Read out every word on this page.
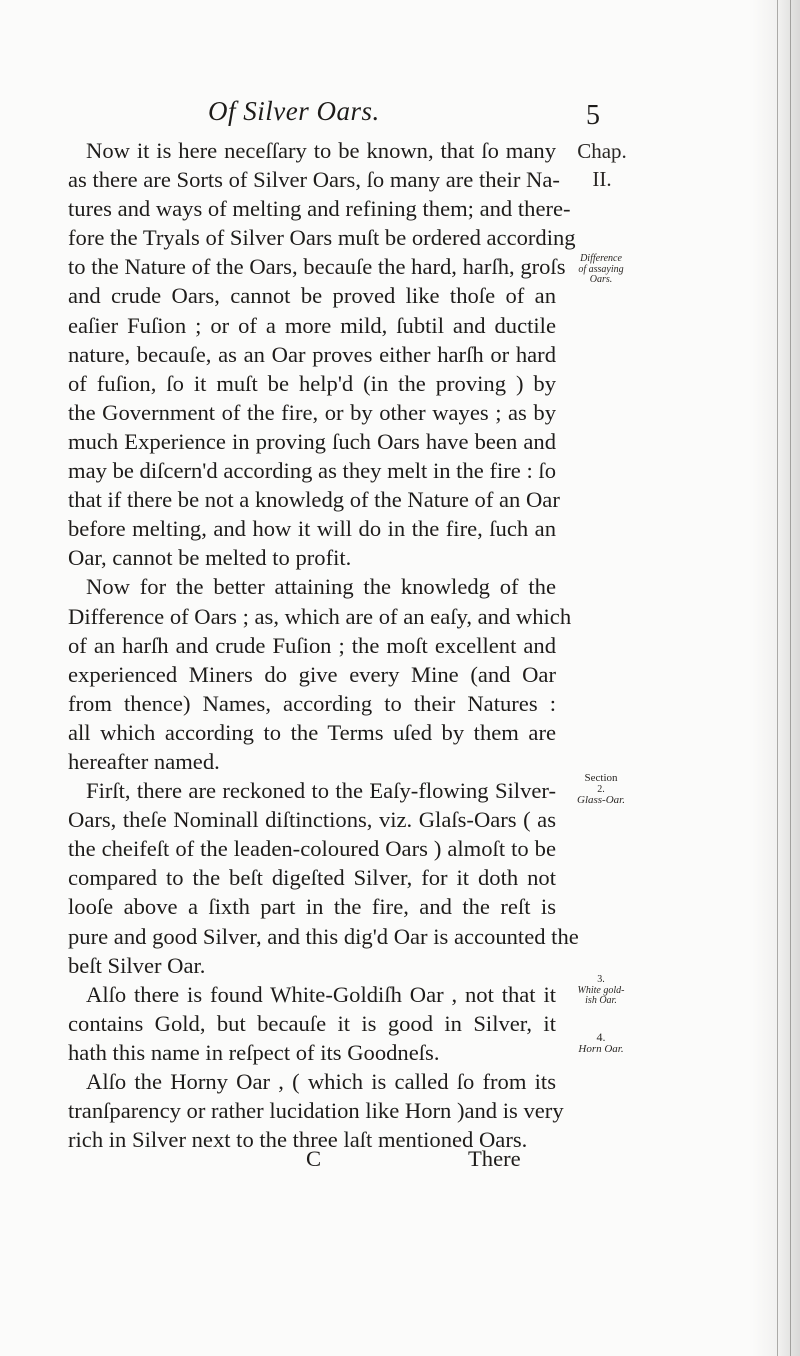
Of Silver Oars.	5
Now it is here neceſſary to be known, that ſo many
as there are Sorts of Silver Oars, ſo many are their Na-
tures and ways of melting and refining them; and there-
fore the Tryals of Silver Oars muſt be ordered according
to the Nature of the Oars, becauſe the hard, harſh, groſs
and crude Oars, cannot be proved like thoſe of an
eaſier Fuſion ; or of a more mild, ſubtil and ductile
nature, becauſe, as an Oar proves either harſh or hard
of fuſion, ſo it muſt be help'd (in the proving ) by
the Government of the fire, or by other wayes ; as by
much Experience in proving ſuch Oars have been and
may be diſcern'd according as they melt in the fire : ſo
that if there be not a knowledg of the Nature of an Oar
before melting, and how it will do in the fire, ſuch an
Oar, cannot be melted to profit.
Now for the better attaining the knowledg of the
Difference of Oars ; as, which are of an eaſy, and which
of an harſh and crude Fuſion ; the moſt excellent and
experienced Miners do give every Mine (and Oar
from thence) Names, according to their Natures :
all which according to the Terms uſed by them are
hereafter named.
Firſt, there are reckoned to the Eaſy-flowing Silver-
Oars, theſe Nominall diſtinctions, viz. Glaſs-Oars ( as
the cheifeſt of the leaden-coloured Oars ) almoſt to be
compared to the beſt digeſted Silver, for it doth not
looſe above a ſixth part in the fire, and the reſt is
pure and good Silver, and this dig'd Oar is accounted the
beſt Silver Oar.
Alſo there is found White-Goldiſh Oar , not that it
contains Gold, but becauſe it is good in Silver, it
hath this name in reſpect of its Goodneſs.
Alſo the Horny Oar , ( which is called ſo from its
tranſparency or rather lucidation like Horn )and is very
rich in Silver next to the three laſt mentioned Oars.
Chap.
II.
Difference
of assaying
Oars.
Section
2.
Glass-Oar.
3.
White gold-
ish Oar.
4.
Horn Oar.
C	There
